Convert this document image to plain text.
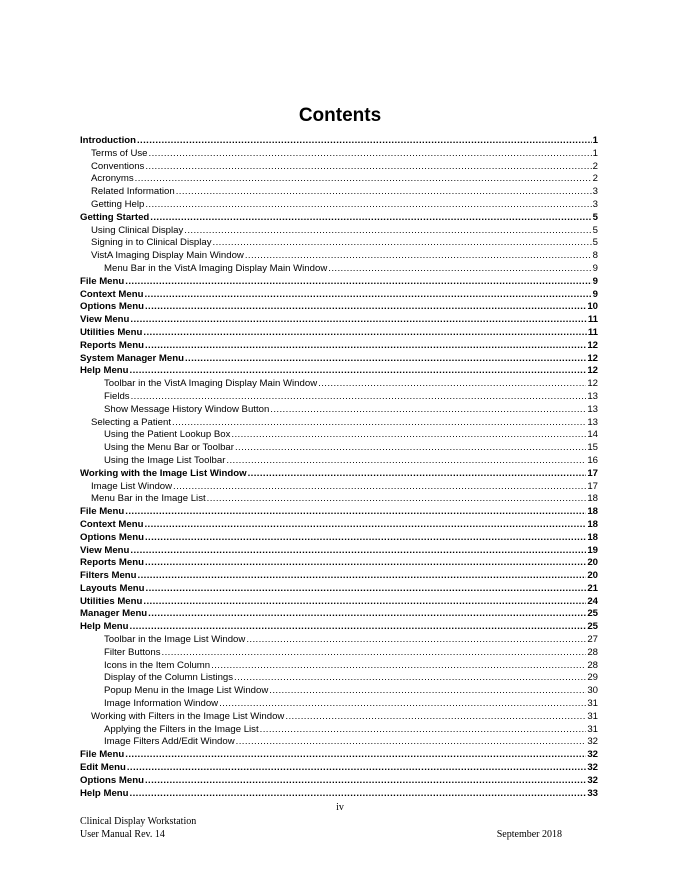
Contents
Introduction .....	1
Terms of Use .....	1
Conventions .....	2
Acronyms .....	2
Related Information .....	3
Getting Help .....	3
Getting Started .....	5
Using Clinical Display .....	5
Signing in to Clinical Display .....	5
VistA Imaging Display Main Window .....	8
Menu Bar in the VistA Imaging Display Main Window .....	9
File Menu .....	9
Context Menu .....	9
Options Menu .....	10
View Menu .....	11
Utilities Menu .....	11
Reports Menu .....	12
System Manager Menu .....	12
Help Menu .....	12
Toolbar in the VistA Imaging Display Main Window .....	12
Fields .....	13
Show Message History Window Button .....	13
Selecting a Patient .....	13
Using the Patient Lookup Box .....	14
Using the Menu Bar or Toolbar .....	15
Using the Image List Toolbar .....	16
Working with the Image List Window .....	17
Image List Window .....	17
Menu Bar in the Image List .....	18
File Menu .....	18
Context Menu .....	18
Options Menu .....	18
View Menu .....	19
Reports Menu .....	20
Filters Menu .....	20
Layouts Menu .....	21
Utilities Menu .....	24
Manager Menu .....	25
Help Menu .....	25
Toolbar in the Image List Window .....	27
Filter Buttons .....	28
Icons in the Item Column .....	28
Display of the Column Listings .....	29
Popup Menu in the Image List Window .....	30
Image Information Window .....	31
Working with Filters in the Image List Window .....	31
Applying the Filters in the Image List .....	31
Image Filters Add/Edit Window .....	32
File Menu .....	32
Edit Menu .....	32
Options Menu .....	32
Help Menu .....	33
iv
Clinical Display Workstation
User Manual Rev. 14	September 2018
